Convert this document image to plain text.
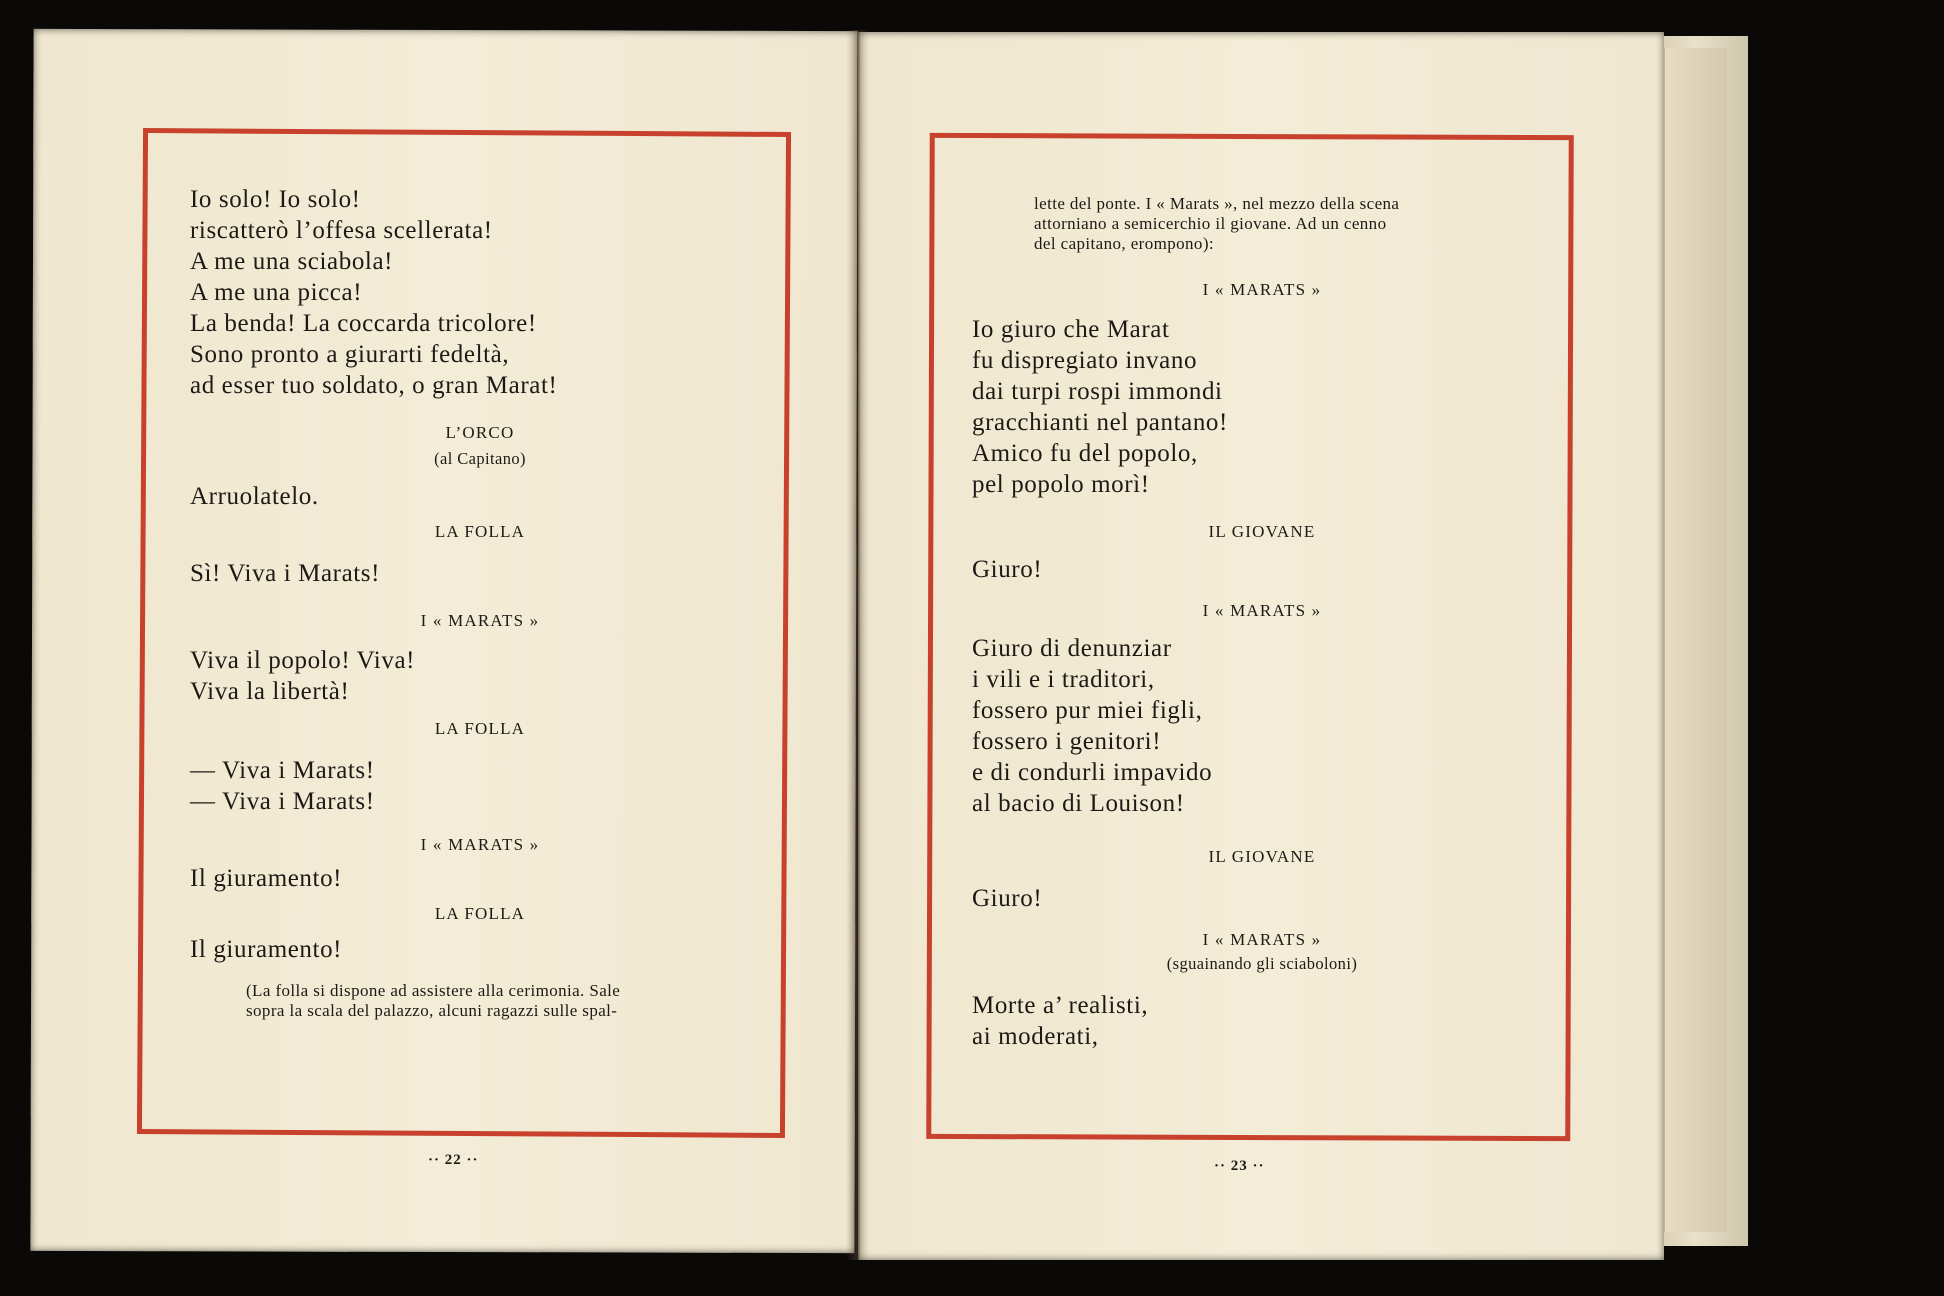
Io solo! Io solo!
riscatterò l’offesa scellerata!
A me una sciabola!
A me una picca!
La benda! La coccarda tricolore!
Sono pronto a giurarti fedeltà,
ad esser tuo soldato, o gran Marat!
L’ORCO
(al Capitano)
Arruolatelo.
LA FOLLA
Sì! Viva i Marats!
I « MARATS »
Viva il popolo! Viva!
Viva la libertà!
LA FOLLA
— Viva i Marats!
— Viva i Marats!
I « MARATS »
Il giuramento!
LA FOLLA
Il giuramento!
(La folla si dispone ad assistere alla cerimonia. Sale
sopra la scala del palazzo, alcuni ragazzi sulle spal-
·· 22 ··
lette del ponte. I « Marats », nel mezzo della scena
attorniano a semicerchio il giovane. Ad un cenno
del capitano, erompono):
I « MARATS »
Io giuro che Marat
fu dispregiato invano
dai turpi rospi immondi
gracchianti nel pantano!
Amico fu del popolo,
pel popolo morì!
IL GIOVANE
Giuro!
I « MARATS »
Giuro di denunziar
i vili e i traditori,
fossero pur miei figli,
fossero i genitori!
e di condurli impavido
al bacio di Louison!
IL GIOVANE
Giuro!
I « MARATS »
(sguainando gli sciaboloni)
Morte a’ realisti,
ai moderati,
·· 23 ··
